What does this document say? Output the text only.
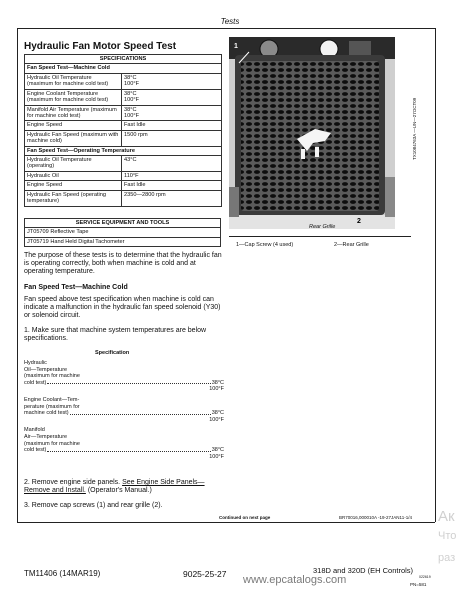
Tests
Hydraulic Fan Motor Speed Test
SPECIFICATIONS	
Fan Speed Test—Machine Cold	
Hydraulic Oil Temperature (maximum for machine cold test)	38°C
100°F
Engine Coolant Temperature (maximum for machine cold test)	38°C
100°F
Manifold Air Temperature (maximum for machine cold test)	38°C
100°F
Engine Speed	Fast Idle
Hydraulic Fan Speed (maximum with machine cold)	1500 rpm
Fan Speed Test—Operating Temperature	
Hydraulic Oil Temperature (operating)	43°C
Hydraulic Oil	110°F
Engine Speed	Fast Idle
Hydraulic Fan Speed (operating temperature)	2350—2800 rpm
SERVICE EQUIPMENT AND TOOLS
JT05709 Reflective Tape
JT05719 Hand Held Digital Tachometer
The purpose of these tests is to determine that the hydraulic fan is operating correctly, both when machine is cold and at operating temperature.
Fan Speed Test—Machine Cold
Fan speed above test specification when machine is cold can indicate a malfunction in the hydraulic fan speed solenoid (Y30) or solenoid circuit.
1. Make sure that machine system temperatures are below specifications.
Specification
Hydraulic
Oil—Temperature
(maximum for machine
cold test)	38°C
100°F
Engine Coolant—Tem-
perature (maximum for
machine cold test)	38°C
100°F
Manifold
Air—Temperature
(maximum for machine
cold test)	38°C
100°F
2. Remove engine side panels. See Engine Side Panels—Remove and Install. (Operator's Manual.)
3. Remove cap screws (1) and rear grille (2).
Continued on next page	BR70016,000010A -19-27JAN11-1/4
1
2
TX1084763A —UN—27OCT09
Rear Grille
1—Cap Screw (4 used)	2—Rear Grille
TM11406 (14MAR19)	9025-25-27	318D and 320D (EH Controls)
022619
PN=581
www.epcatalogs.com
Ак
Что
раз
